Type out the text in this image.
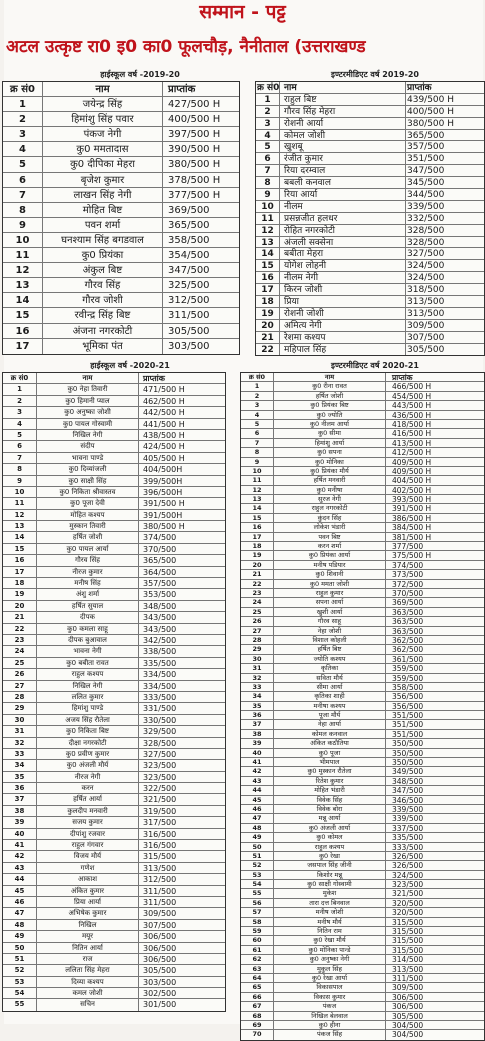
सम्मान - पट्ट
अटल उत्कृष्ट रा0 इ0 का0 फूलचौड़, नैनीताल (उत्तराखण्ड
हाईस्कूल वर्ष -2019-20	इण्टरमीडिएट वर्ष 2019-20
हाईस्कूल वर्ष -2020-21	इण्टरमीडिएट वर्ष 2020-21
क्र सं0	नाम	प्राप्तांक
1	जयेन्द्र सिंह	427/500 H
2	हिमांशु सिंह पवार	400/500 H
3	पंकज नेगी	397/500 H
4	कु0 ममतादास	390/500 H
5	कु0 दीपिका मेहरा	380/500 H
6	बृजेश कुमार	378/500 H
7	लाखन सिंह नेगी	377/500 H
8	मोहित बिष्ट	369/500
9	पवन शर्मा	365/500
10	घनश्याम सिंह बगडवाल	358/500
11	कु0 प्रियंका	354/500
12	अंकुल बिष्ट	347/500
13	गौरव सिंह	325/500
14	गौरव जोशी	312/500
15	रवीन्द्र सिंह बिष्ट	311/500
16	अंजना नगरकोटी	305/500
17	भूमिका पंत	303/500
क्र सं0 नाम	प्राप्तांक
1	राहुल बिष्ट	439/500 H
2	गौरव सिंह मेहरा	400/500 H
3	रोशनी आर्या	380/500 H
4	कोमल जोशी	365/500
5	खुशबू	357/500
6	रंजीत कुमार	351/500
7	रिया दरम्वाल	347/500
8	बबली कनवाल	345/500
9	रिया आर्या	344/500
10	नीलम	339/500
11	प्रसन्नजीत हलधर	332/500
12	रोहित नगरकोटी	328/500
13	अंजली सक्सेना	328/500
14	बबीता मेहरा	327/500
15	योगेश लोहनी	324/500
16	नीलम नेगी	324/500
17	किरन जोशी	318/500
18	प्रिया	313/500
19	रोशनी जोशी	313/500
20	अमित्य नेगी	309/500
21	रेशमा कश्यप	307/500
22	महिपाल सिंह	305/500
क्र सं0	नाम	प्राप्तांक
1	कु0 नेहा तिवारी	471/500 H
2	कु0 हिमानी प्याल	462/500 H
3	कु0 अनुष्का जोशी	442/500 H
4	कु0 पायल गोस्वामी	441/500 H
5	निखिल नेगी	438/500 H
6	संदीप	424/500 H
7	भावना पाण्डे	405/500 H
8	कु0 दिव्यांजली	404/500H
9	कु0 साक्षी सिंह	399/500H
10	कु0 निकिता श्रीवास्तव	396/500H
11	कु0 पूजा देवी	391/500 H
12	मोहित कश्यप	391/500H
13	मुस्कान तिवारी	380/500 H
14	हर्षित जोशी	374/500
15	कु0 पायल आर्या	370/500
16	गौरव सिंह	365/500
17	नीरज कुमार	364/500
18	मनीष सिंह	357/500
19	अंशु शर्मा	353/500
20	हर्षित सुयाल	348/500
21	दीपक	343/500
22	कु0 कमला साहू	343/500
23	दीपक बुआवाल	342/500
24	भावना नेगी	338/500
25	कु0 बबीता रावत	335/500
26	राहुल कश्यप	334/500
27	निखिल नेगी	334/500
28	ललित कुमार	333/500
29	हिमांशु पाण्डे	331/500
30	अजय सिंह रौतेला	330/500
31	कु0 निकिता बिष्ट	329/500
32	दीक्षा नगरकोटी	328/500
33	कु0 प्रवीण कुमार	327/500
34	कु0 अंजली मौर्य	323/500
35	नीरज नेगी	323/500
36	करन	322/500
37	हर्षित आर्या	321/500
38	कुलदीप मनवारी	319/500
39	सजय कुमार	317/500
40	दीपांशु रजवार	316/500
41	राहुल गंगवार	316/500
42	विजय मौर्य	315/500
43	गणेश	313/500
44	आकाश	312/500
45	अंकित कुमार	311/500
46	प्रिया आर्या	311/500
47	अभिषेक कुमार	309/500
48	निखिल	307/500
49	मयूर	306/500
50	नितिन आर्या	306/500
51	राज	306/500
52	ललिता सिंह मेहरा	305/500
53	दिव्या कश्यप	303/500
54	कमल जोशी	302/500
55	सचिन	301/500
क्र सं0	नाम	प्राप्तांक
1	कु0 रीना रावत	466/500 H
2	हर्षित जोशी	454/500 H
3	कु0 प्रियंका बिष्ट	443/500 H
4	कु0 ज्योति	436/500 H
5	कु0 नीलम आर्या	418/500 H
6	कु0 सीमा	416/500 H
7	हिमांशु आर्या	413/500 H
8	कु0 सपना	412/500 H
9	कु0 मोनिका	409/500 H
10	कु0 प्रियंका मौर्य	409/500 H
11	हर्षित मनवारी	404/500 H
12	कु0 मनीषा	402/500 H
13	सुरज नेगी	393/500 H
14	राहुल नगरकोटी	391/500 H
15	कुंदन सिंह	386/500 H
16	लोकेश भंडारी	384/500 H
17	पवन बिष्ट	381/500 H
18	करन शर्मा	377/500
19	कु0 प्रियंका आर्या	375/500 H
20	मनीष पडियार	374/500
21	कु0 शिवानी	373/500
22	कु0 ममता जोशी	372/500
23	राहुल कुमार	370/500
24	सपना आर्या	369/500
25	खुशी आर्या	363/500
26	गौरव साहू	363/500
27	नेहा जोशी	363/500
28	विशाल कोहली	362/500
29	हर्षित बिष्ट	362/500
30	ज्योति कश्यप	361/500
31	कृतिका	359/500
32	सविता मौर्य	359/500
33	सीमा आर्या	358/500
34	कृतिका शाही	356/500
35	मनीषा कश्यप	356/500
36	पूजा मौर्य	351/500
37	नेहा आर्या	351/500
38	कोमल कनवाल	351/500
39	अंकित कठौतिया	350/500
40	कु0 पूजा	350/500
41	भीमपाल	350/500
42	कु0 मुस्कान रौतेला	349/500
43	रितेश कुमार	348/500
44	मोहित भंडारी	347/500
45	विवेक सिंह	346/500
46	विवेक बोरा	339/500
47	मन्नू आर्या	339/500
48	कु0 अंजली आर्या	337/500
49	कु0 कोमल	335/500
50	राहुल कश्यप	333/500
51	कु0 रेखा	326/500
52	जसपाल सिंह जीनी	326/500
53	किशोर मन्नू	324/500
54	कु0 साक्षी गोस्वामी	323/500
55	मुकेश	321/500
56	तारा दत्त बिनवाल	320/500
57	मनीष जोशी	320/500
58	मनीष मौर्य	315/500
59	नितिन राम	315/500
60	कु0 रेखा मौर्य	315/500
61	कु0 मोनिका पान्डे	315/500
62	कु0 अनुष्का नेगी	314/500
63	मुकुल सिंह	313/500
64	कु0 रेखा आर्या	311/500
65	विकासपाल	309/500
66	विकास कुमार	306/500
67	पंकज	306/500
68	निखिल बेलवाल	305/500
69	कु0 हीना	304/500
70	पंकज सिंह	304/500
